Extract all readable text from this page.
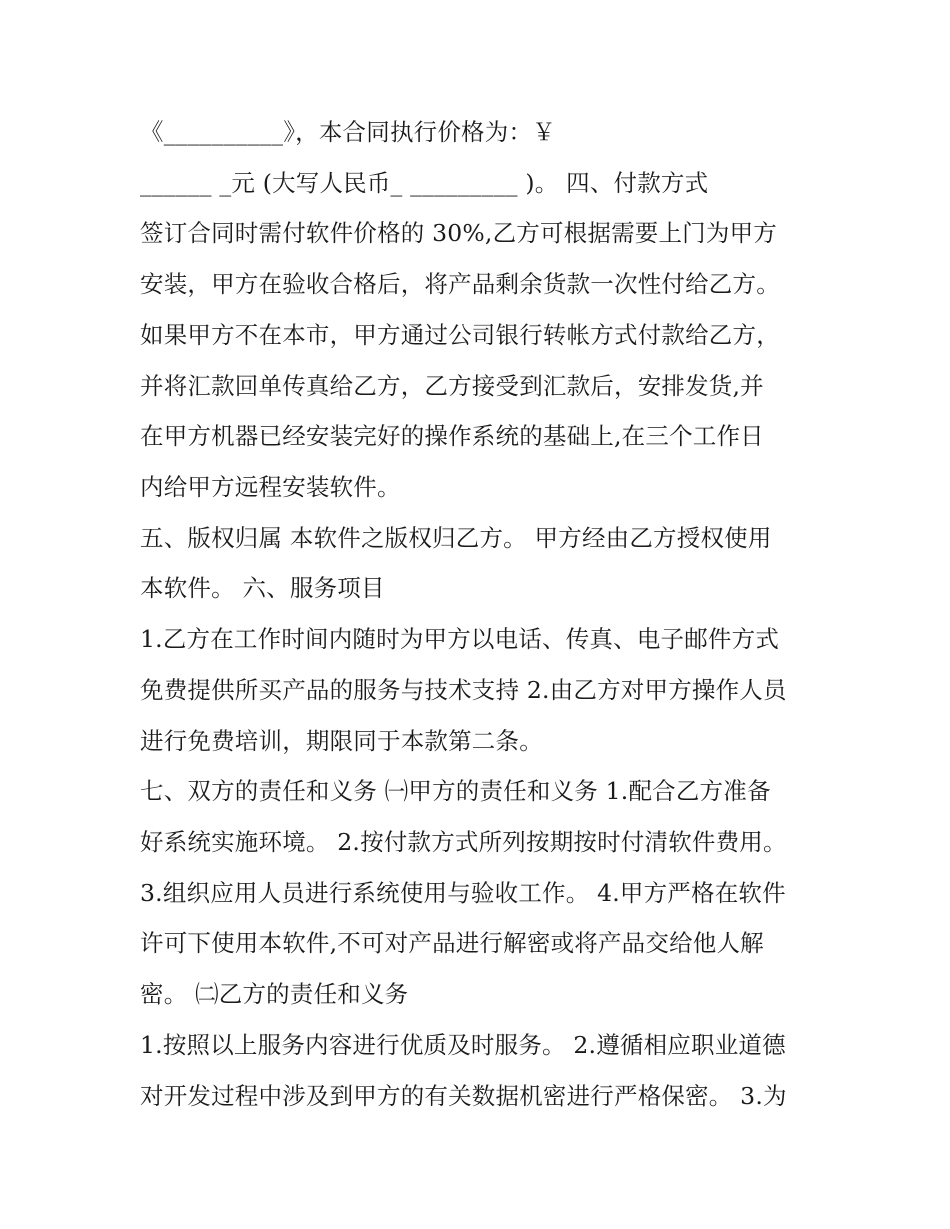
《__________》，本合同执行价格为：￥
______ _元 (大写人民币_ _________ )。 四、付款方式
签订合同时需付软件价格的 30%,乙方可根据需要上门为甲方
安装，甲方在验收合格后，将产品剩余货款一次性付给乙方。
如果甲方不在本市，甲方通过公司银行转帐方式付款给乙方，
并将汇款回单传真给乙方，乙方接受到汇款后，安排发货,并
在甲方机器已经安装完好的操作系统的基础上,在三个工作日
内给甲方远程安装软件。
五、版权归属 本软件之版权归乙方。 甲方经由乙方授权使用
本软件。 六、服务项目
1.乙方在工作时间内随时为甲方以电话、传真、电子邮件方式
免费提供所买产品的服务与技术支持 2.由乙方对甲方操作人员
进行免费培训，期限同于本款第二条。
七、双方的责任和义务 ㈠甲方的责任和义务 1.配合乙方准备
好系统实施环境。 2.按付款方式所列按期按时付清软件费用。
3.组织应用人员进行系统使用与验收工作。 4.甲方严格在软件
许可下使用本软件,不可对产品进行解密或将产品交给他人解
密。 ㈡乙方的责任和义务
1.按照以上服务内容进行优质及时服务。 2.遵循相应职业道德
对开发过程中涉及到甲方的有关数据机密进行严格保密。 3.为
